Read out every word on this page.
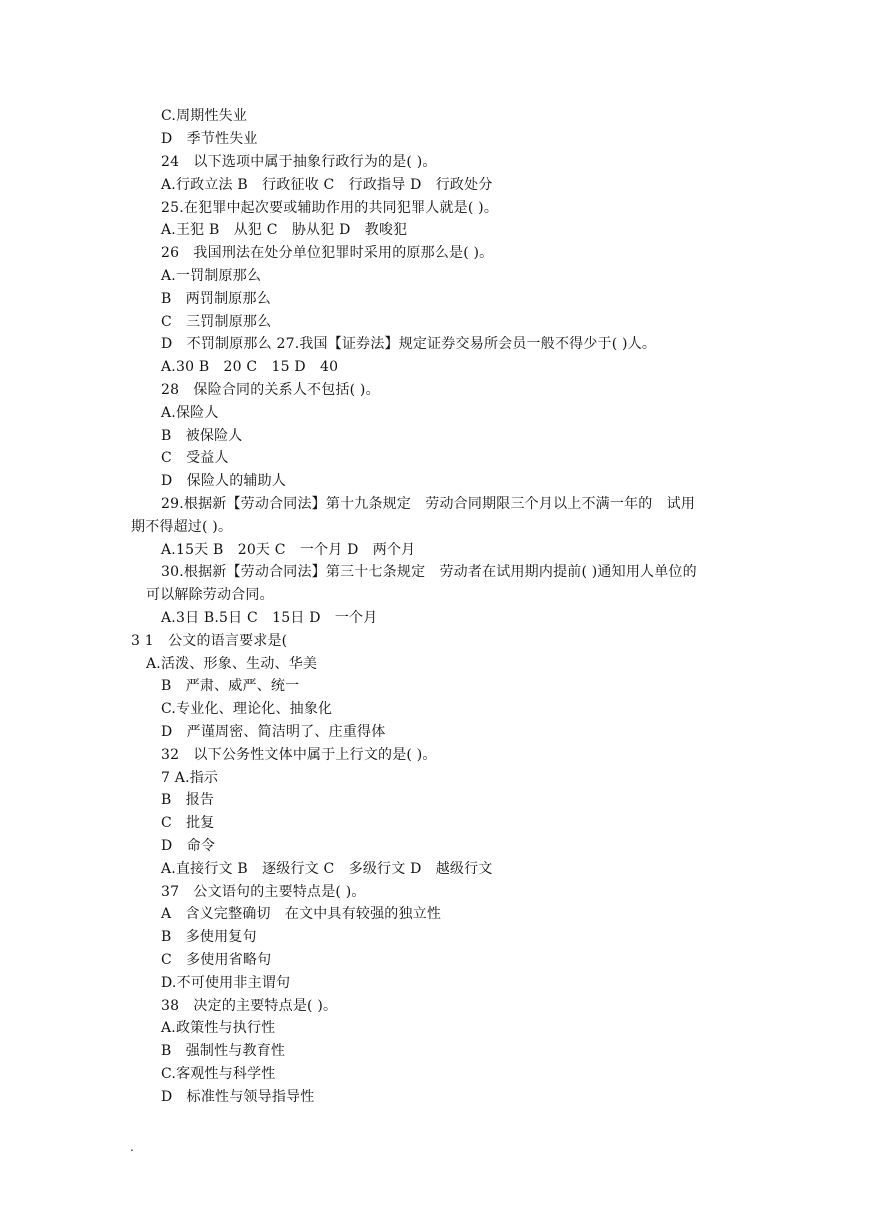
C.周期性失业
D　季节性失业
24　以下选项中属于抽象行政行为的是( )。
A.行政立法 B　行政征收 C　行政指导 D　行政处分
25.在犯罪中起次要或辅助作用的共同犯罪人就是( )。
A.王犯 B　从犯 C　胁从犯 D　教唆犯
26　我国刑法在处分单位犯罪时采用的原那么是( )。
A.一罚制原那么
B　两罚制原那么
C　三罚制原那么
D　不罚制原那么 27.我国【证券法】规定证券交易所会员一般不得少于( )人。
A.30 B　20 C　15 D　40
28　保险合同的关系人不包括( )。
A.保险人
B　被保险人
C　受益人
D　保险人的辅助人
29.根据新【劳动合同法】第十九条规定　劳动合同期限三个月以上不满一年的　试用
期不得超过( )。
A.15天 B　20天 C　一个月 D　两个月
30.根据新【劳动合同法】第三十七条规定　劳动者在试用期内提前( )通知用人单位的
可以解除劳动合同。
A.3日 B.5日 C　15日 D　一个月
3 1　公文的语言要求是(
A.活泼、形象、生动、华美
B　严肃、威严、统一
C.专业化、理论化、抽象化
D　严谨周密、简洁明了、庄重得体
32　以下公务性文体中属于上行文的是( )。
7 A.指示
B　报告
C　批复
D　命令
A.直接行文 B　逐级行文 C　多级行文 D　越级行文
37　公文语句的主要特点是( )。
A　含义完整确切　在文中具有较强的独立性
B　多使用复句
C　多使用省略句
D.不可使用非主谓句
38　决定的主要特点是( )。
A.政策性与执行性
B　强制性与教育性
C.客观性与科学性
D　标准性与领导指导性
.
